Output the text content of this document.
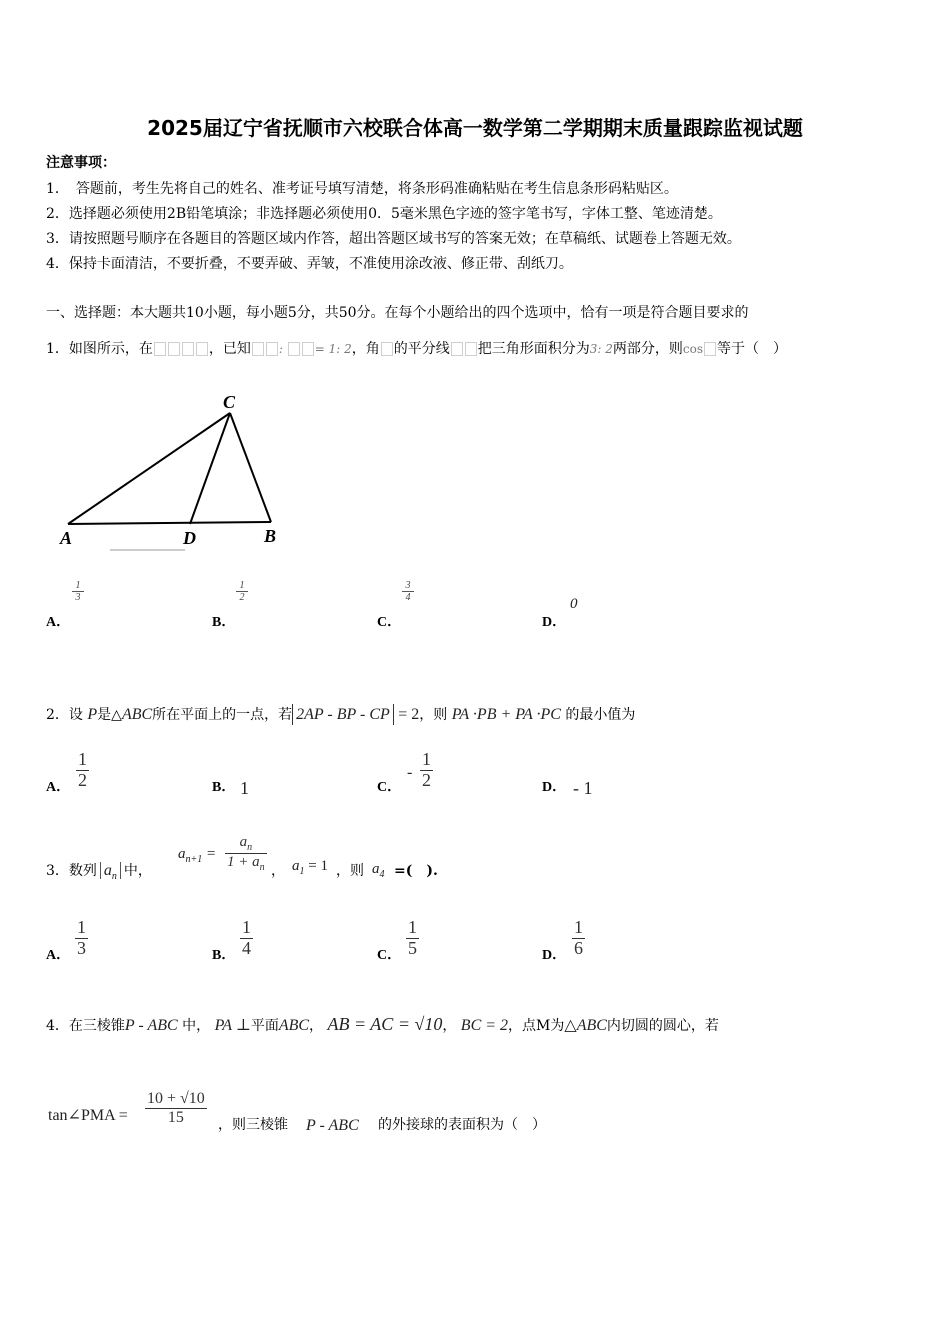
2025届辽宁省抚顺市六校联合体高一数学第二学期期末质量跟踪监视试题
注意事项：
1．　答题前，考生先将自己的姓名、准考证号填写清楚，将条形码准确粘贴在考生信息条形码粘贴区。
2．选择题必须使用2B铅笔填涂；非选择题必须使用0．5毫米黑色字迹的签字笔书写，字体工整、笔迹清楚。
3．请按照题号顺序在各题目的答题区域内作答，超出答题区域书写的答案无效；在草稿纸、试题卷上答题无效。
4．保持卡面清洁，不要折叠，不要弄破、弄皱，不准使用涂改液、修正带、刮纸刀。
一、选择题：本大题共10小题，每小题5分，共50分。在每个小题给出的四个选项中，恰有一项是符合题目要求的
1．如图所示，在	，已知 : = 1: 2，角 的平分线 把三角形面积分为3: 2两部分，则cos 等于（　）
C
A	D	B
A．
1
3
B．
1
2
C．
3
4
D．
0
2．设 P是△ABC所在平面上的一点，若 2AP - BP - CP = 2，则 PA ·PB + PA ·PC 的最小值为
A． $\frac{1}{2}$	B． 1	C．
- $\frac{1}{2}$	D． - 1
3．数列 $a_n$ 中，
$a_{n+1} = \frac{a_n}{1 + a_n}$ ， $a_1 = 1$ ，则 $a_4$ =(　).
A． $\frac{1}{3}$	B． $\frac{1}{4}$	C． $\frac{1}{5}$	D． $\frac{1}{6}$
4．在三棱锥P - ABC 中， PA ⊥平面ABC， AB = AC = √10， BC = 2，点M为△ABC内切圆的圆心，若
tan∠PMA = $\frac{10 + √10}{15}$ ，则三棱锥 P - ABC 的外接球的表面积为（　）
